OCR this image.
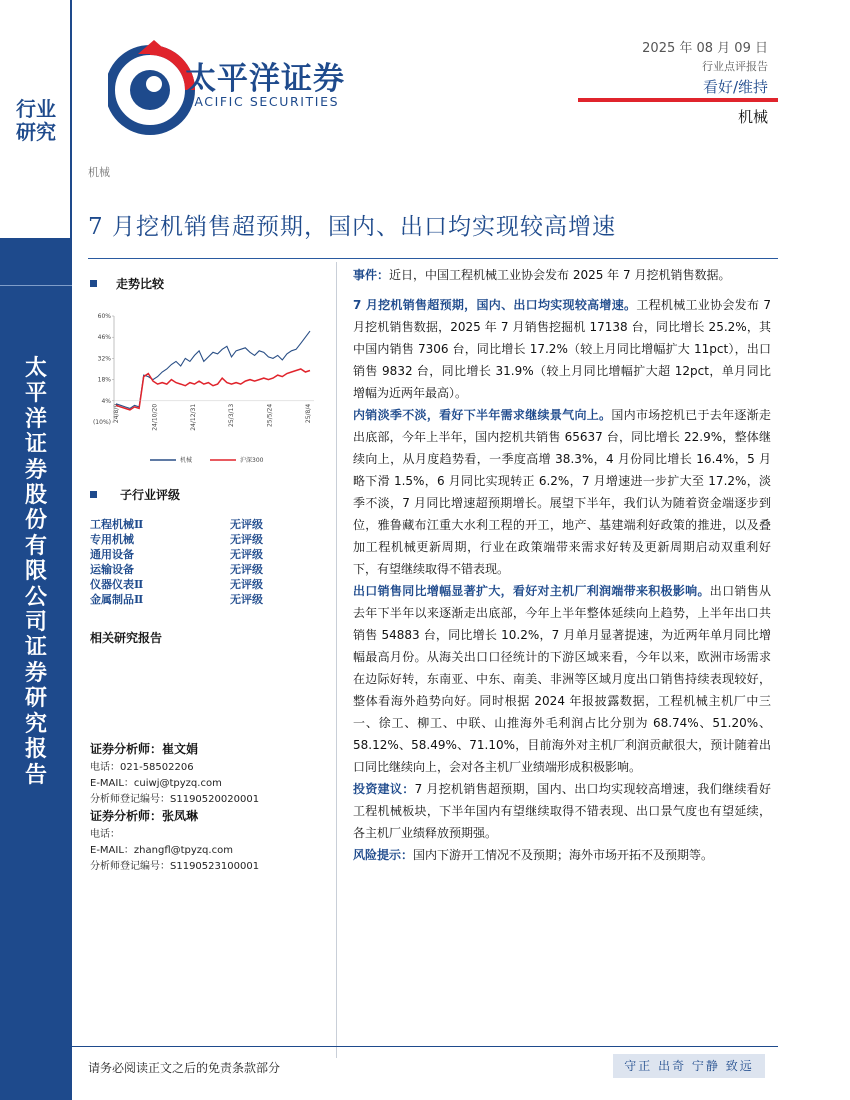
行业研究
太平洋证券股份有限公司证券研究报告
太平洋证券
PACIFIC SECURITIES
2025 年 08 月 09 日
行业点评报告
看好/维持
机械
机械
7 月挖机销售超预期，国内、出口均实现较高增速
走势比较
60%
46%
32%
18%
4%
(10%) 24/8/9	24/10/20	24/12/31	25/3/13	25/5/24	25/8/4
机械	沪深300
子行业评级
工程机械Ⅱ	无评级
专用机械	无评级
通用设备	无评级
运输设备	无评级
仪器仪表Ⅱ	无评级
金属制品Ⅱ	无评级
相关研究报告
证券分析师：崔文娟
电话：021-58502206
E-MAIL：cuiwj@tpyzq.com
分析师登记编号：S1190520020001
证券分析师：张凤琳
电话：
E-MAIL：zhangfl@tpyzq.com
分析师登记编号：S1190523100001

事件：近日，中国工程机械工业协会发布 2025 年 7 月挖机销售数据。

7 月挖机销售超预期，国内、出口均实现较高增速。工程机械工业协会发布 7 月挖机销售数据，2025 年 7 月销售挖掘机 17138 台，同比增长 25.2%，其中国内销售 7306 台，同比增长 17.2%（较上月同比增幅扩大 11pct），出口销售 9832 台，同比增长 31.9%（较上月同比增幅扩大超 12pct，单月同比增幅为近两年最高）。

内销淡季不淡，看好下半年需求继续景气向上。国内市场挖机已于去年逐渐走出底部，今年上半年，国内挖机共销售 65637 台，同比增长 22.9%，整体继续向上，从月度趋势看，一季度高增 38.3%，4 月份同比增长 16.4%，5 月略下滑 1.5%，6 月同比实现转正 6.2%，7 月增速进一步扩大至 17.2%，淡季不淡，7 月同比增速超预期增长。展望下半年，我们认为随着资金端逐步到位，雅鲁藏布江重大水利工程的开工，地产、基建端利好政策的推进，以及叠加工程机械更新周期，行业在政策端带来需求好转及更新周期启动双重利好下，有望继续取得不错表现。

出口销售同比增幅显著扩大，看好对主机厂利润端带来积极影响。出口销售从去年下半年以来逐渐走出底部，今年上半年整体延续向上趋势，上半年出口共销售 54883 台，同比增长 10.2%，7 月单月显著提速，为近两年单月同比增幅最高月份。从海关出口口径统计的下游区域来看，今年以来，欧洲市场需求在边际好转，东南亚、中东、南美、非洲等区域月度出口销售持续表现较好，整体看海外趋势向好。同时根据 2024 年报披露数据，工程机械主机厂中三一、徐工、柳工、中联、山推海外毛利润占比分别为 68.74%、51.20%、58.12%、58.49%、71.10%，目前海外对主机厂利润贡献很大，预计随着出口同比继续向上，会对各主机厂业绩端形成积极影响。

投资建议：7 月挖机销售超预期，国内、出口均实现较高增速，我们继续看好工程机械板块，下半年国内有望继续取得不错表现、出口景气度也有望延续，各主机厂业绩释放预期强。

风险提示：国内下游开工情况不及预期；海外市场开拓不及预期等。

请务必阅读正文之后的免责条款部分	守正 出奇 宁静 致远
